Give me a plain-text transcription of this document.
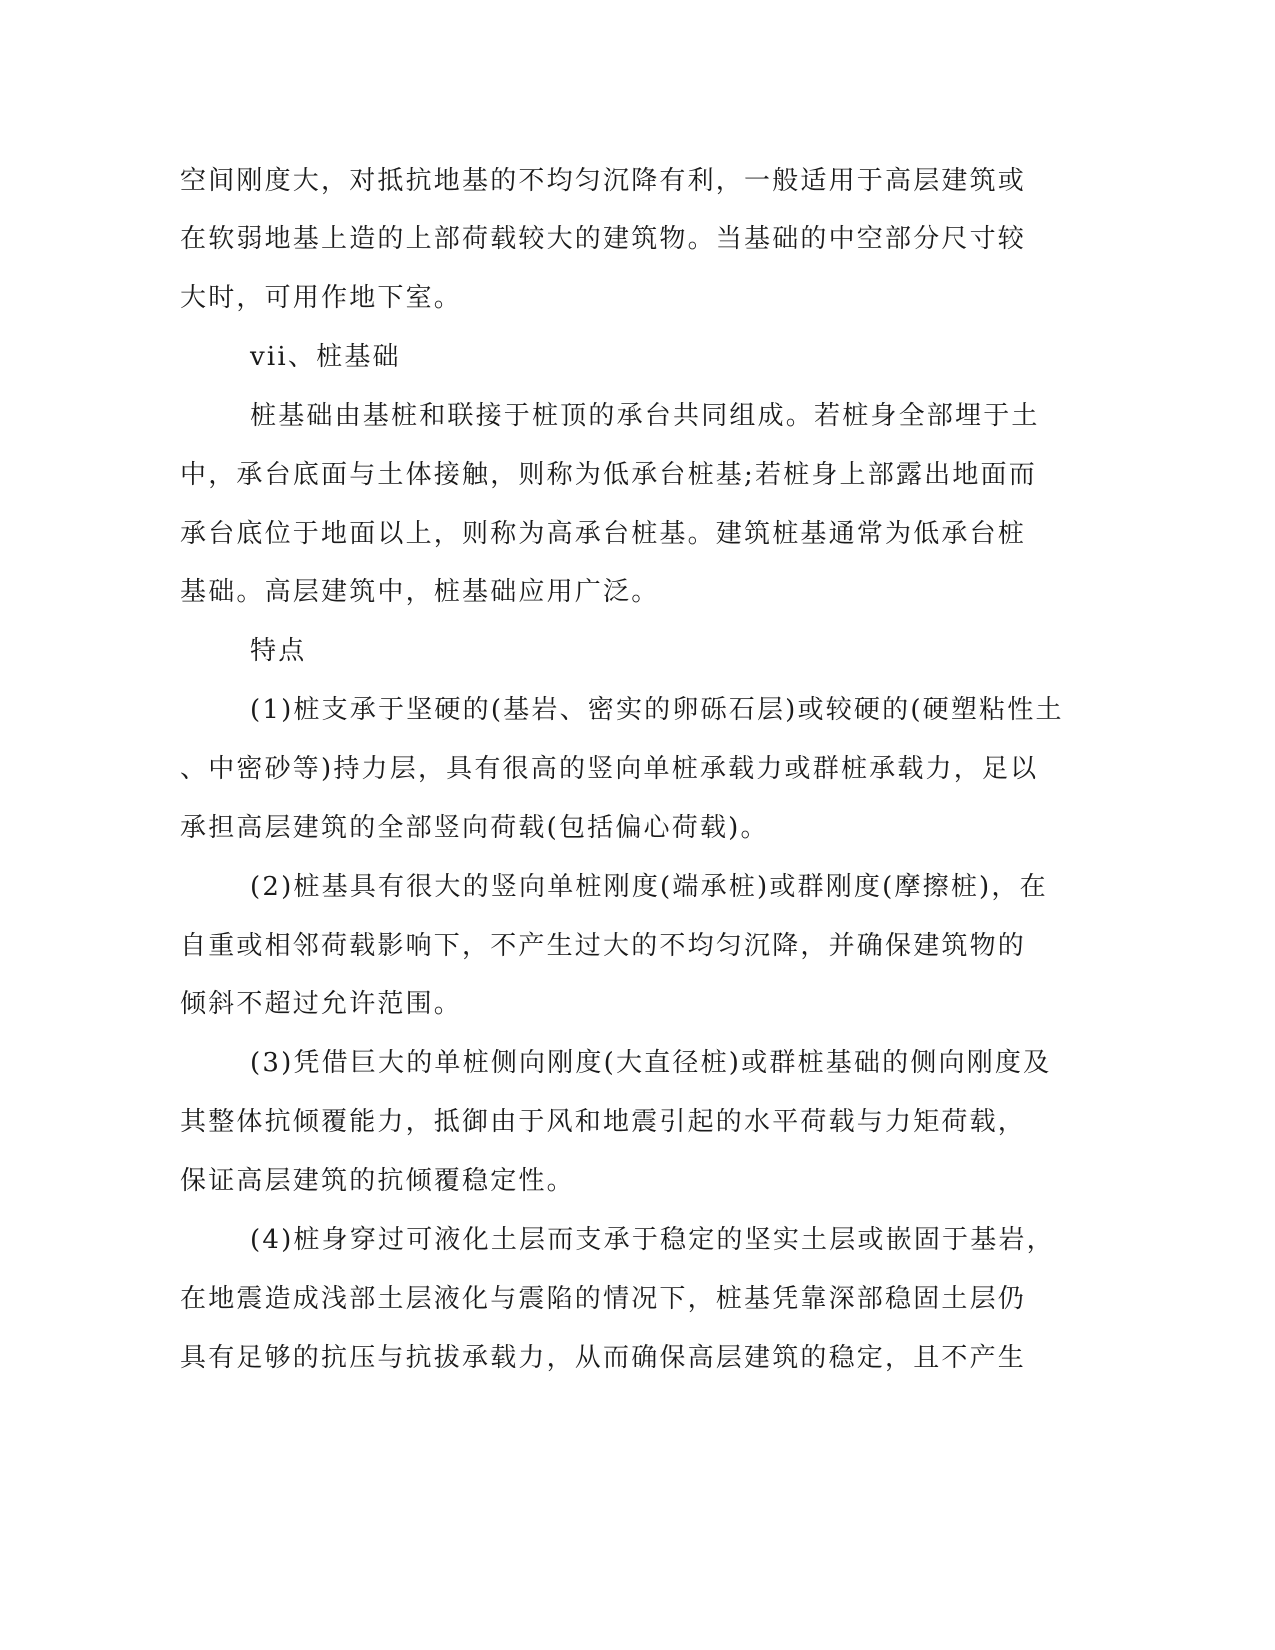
空间刚度大，对抵抗地基的不均匀沉降有利，一般适用于高层建筑或
在软弱地基上造的上部荷载较大的建筑物。当基础的中空部分尺寸较
大时，可用作地下室。
vii、桩基础
桩基础由基桩和联接于桩顶的承台共同组成。若桩身全部埋于土
中，承台底面与土体接触，则称为低承台桩基;若桩身上部露出地面而
承台底位于地面以上，则称为高承台桩基。建筑桩基通常为低承台桩
基础。高层建筑中，桩基础应用广泛。
特点
(1)桩支承于坚硬的(基岩、密实的卵砾石层)或较硬的(硬塑粘性土
、中密砂等)持力层，具有很高的竖向单桩承载力或群桩承载力，足以
承担高层建筑的全部竖向荷载(包括偏心荷载)。
(2)桩基具有很大的竖向单桩刚度(端承桩)或群刚度(摩擦桩)，在
自重或相邻荷载影响下，不产生过大的不均匀沉降，并确保建筑物的
倾斜不超过允许范围。
(3)凭借巨大的单桩侧向刚度(大直径桩)或群桩基础的侧向刚度及
其整体抗倾覆能力，抵御由于风和地震引起的水平荷载与力矩荷载，
保证高层建筑的抗倾覆稳定性。
(4)桩身穿过可液化土层而支承于稳定的坚实土层或嵌固于基岩，
在地震造成浅部土层液化与震陷的情况下，桩基凭靠深部稳固土层仍
具有足够的抗压与抗拔承载力，从而确保高层建筑的稳定，且不产生
